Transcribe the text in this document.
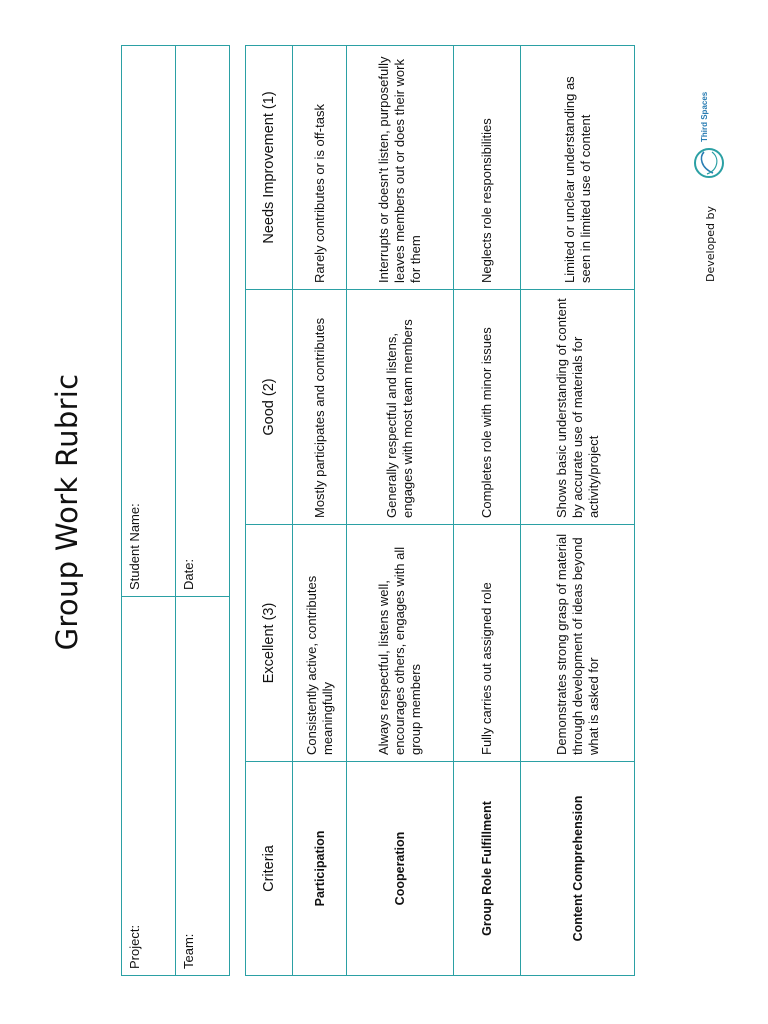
Group Work Rubric
Project:	Student Name:
Team:	Date:
Criteria	Excellent (3)	Good (2)	Needs Improvement (1)
Participation	Consistently active, contributes meaningfully	Mostly participates and contributes	Rarely contributes or is off-task
Cooperation	Always respectful, listens well, encourages others, engages with all group members	Generally respectful and listens, engages with most team members	Interrupts or doesn't listen, purposefully leaves members out or does their work for them
Group Role Fulfillment	Fully carries out assigned role	Completes role with minor issues	Neglects role responsibilities
Content Comprehension	Demonstrates strong grasp of material through development of ideas beyond what is asked for	Shows basic understanding of content by accurate use of materials for activity/project	Limited or unclear understanding as seen in limited use of content	Developed by
Third Spaces
